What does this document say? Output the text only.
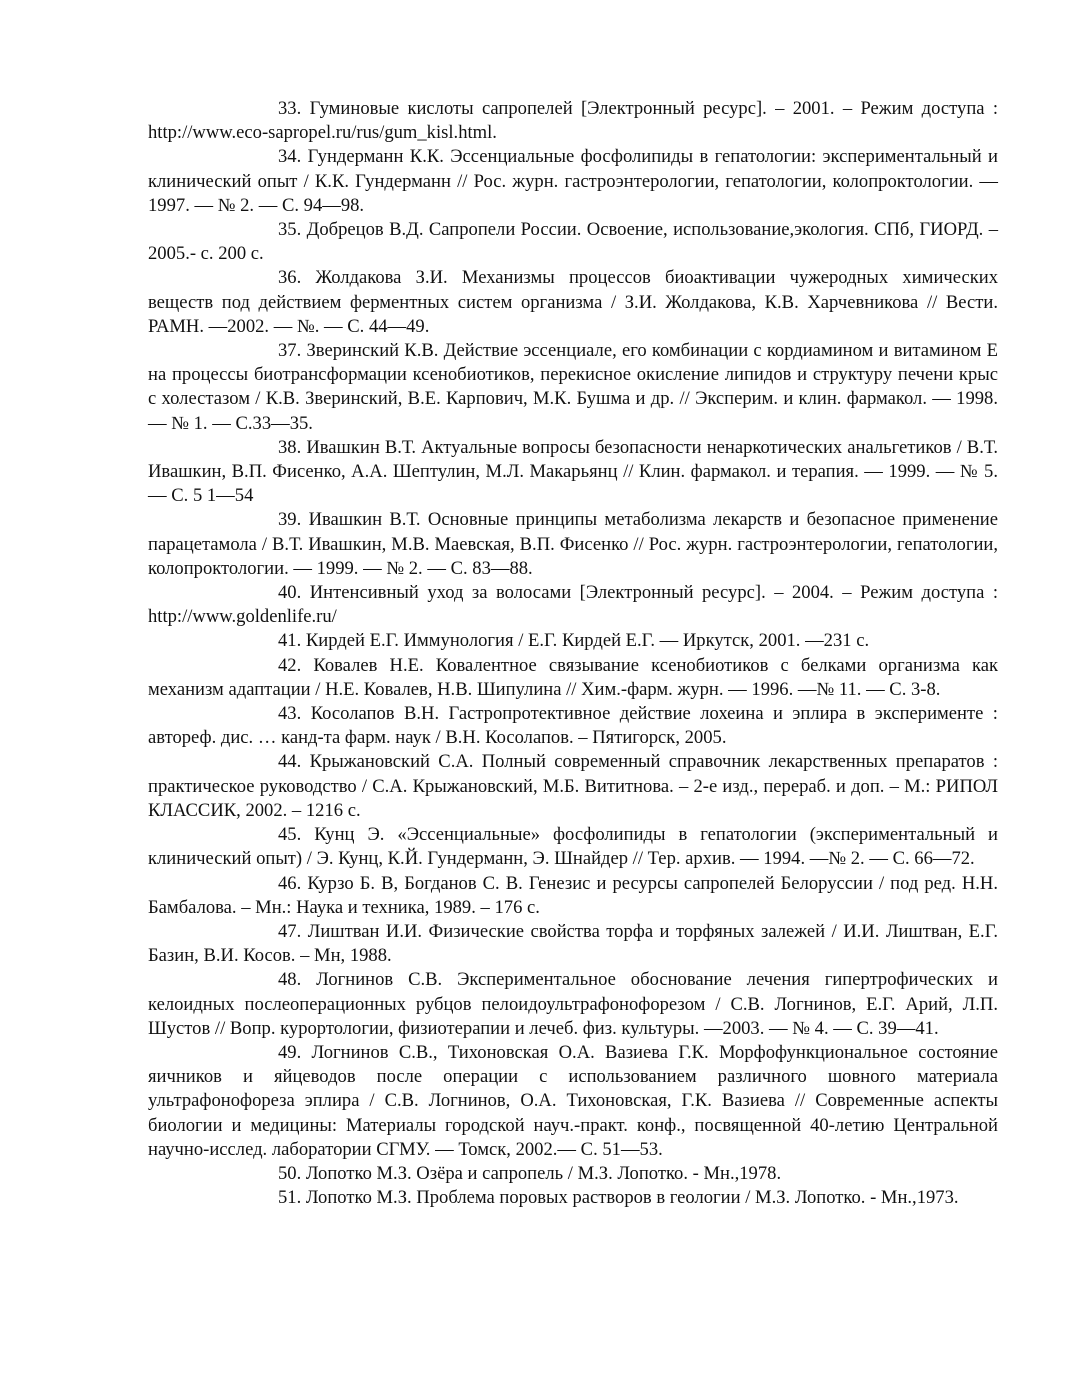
33. Гуминовые кислоты сапропелей [Электронный ресурс]. – 2001. – Режим доступа : http://www.eco-sapropel.ru/rus/gum_kisl.html.

34. Гундерманн К.К. Эссенциальные фосфолипиды в гепатологии: экспериментальный и клинический опыт / К.К. Гундерманн // Рос. журн. гастроэнтерологии, гепатологии, колопроктологии. — 1997. — № 2. — С. 94—98.

35. Добрецов В.Д. Сапропели России. Освоение, использование,экология. СПб, ГИОРД. –2005.- с. 200 с.

36. Жолдакова З.И. Механизмы процессов биоактивации чужеродных химических веществ под действием ферментных систем организма / З.И. Жолдакова, К.В. Харчевникова // Вести. РАМН. —2002. — №. — С. 44—49.

37. Зверинский К.В. Действие эссенциале, его комбинации с кордиамином и витамином Е на процессы биотрансформации ксенобиотиков, перекисное окисление липидов и структуру печени крыс с холестазом / К.В. Зверинский, В.Е. Карпович, М.К. Бушма и др. // Эксперим. и клин. фармакол. — 1998. — № 1. — С.33—35.

38. Ивашкин В.Т. Актуальные вопросы безопасности ненаркотических анальгетиков / В.Т. Ивашкин, В.П. Фисенко, А.А. Шептулин, М.Л. Макарьянц // Клин. фармакол. и терапия. — 1999. — № 5.— С. 5 1—54

39. Ивашкин В.Т. Основные принципы метаболизма лекарств и безопасное применение парацетамола / В.Т. Ивашкин, М.В. Маевская, В.П. Фисенко // Рос. журн. гастроэнтерологии, гепатологии, колопроктологии. — 1999. — № 2. — С. 83—88.

40. Интенсивный уход за волосами [Электронный ресурс]. – 2004. – Режим доступа : http://www.goldenlife.ru/

41. Кирдей Е.Г. Иммунология / Е.Г. Кирдей Е.Г. — Иркутск, 2001. —231 с.

42. Ковалев Н.Е. Ковалентное связывание ксенобиотиков с белками организма как механизм адаптации / Н.Е. Ковалев, Н.В. Шипулина // Хим.-фарм. журн. — 1996. —№ 11. — С. 3-8.

43. Косолапов В.Н. Гастропротективное действие лохеина и эплира в эксперименте : автореф. дис. … канд-та фарм. наук / В.Н. Косолапов. – Пятигорск, 2005.

44. Крыжановский С.А. Полный современный справочник лекарственных препаратов : практическое руководство / С.А. Крыжановский, М.Б. Вититнова. – 2-е изд., перераб. и доп. – М.: РИПОЛ КЛАССИК, 2002. – 1216 с.

45. Кунц Э. «Эссенциальные» фосфолипиды в гепатологии (экспериментальный и клинический опыт) / Э. Кунц, К.Й. Гундерманн, Э. Шнайдер // Тер. архив. — 1994. —№ 2. — С. 66—72.

46. Курзо Б. В, Богданов С. В. Генезис и ресурсы сапропелей Белоруссии / под ред. Н.Н. Бамбалова. – Мн.: Наука и техника, 1989. – 176 с.

47. Лиштван И.И. Физические свойства торфа и торфяных залежей / И.И. Лиштван, Е.Г. Базин, В.И. Косов. – Мн, 1988.

48. Логнинов С.В. Экспериментальное обоснование лечения гипертрофических и келоидных послеоперационных рубцов пелоидоультрафонофорезом / С.В. Логнинов, Е.Г. Арий, Л.П. Шустов // Вопр. курортологии, физиотерапии и лечеб. физ. культуры. —2003. — № 4. — С. 39—41.

49. Логнинов С.В., Тихоновская О.А. Вазиева Г.К. Морфофункциональное состояние яичников и яйцеводов после операции с использованием различного шовного материала ультрафонофореза эплира / С.В. Логнинов, О.А. Тихоновская, Г.К. Вазиева // Современные аспекты биологии и медицины: Материалы городской науч.-практ. конф., посвященной 40-летию Центральной научно-исслед. лаборатории СГМУ. — Томск, 2002.— С. 51—53.

50. Лопотко М.З. Озёра и сапропель / М.З. Лопотко. - Мн.,1978.

51. Лопотко М.З. Проблема поровых растворов в геологии / М.З. Лопотко. - Мн.,1973.
